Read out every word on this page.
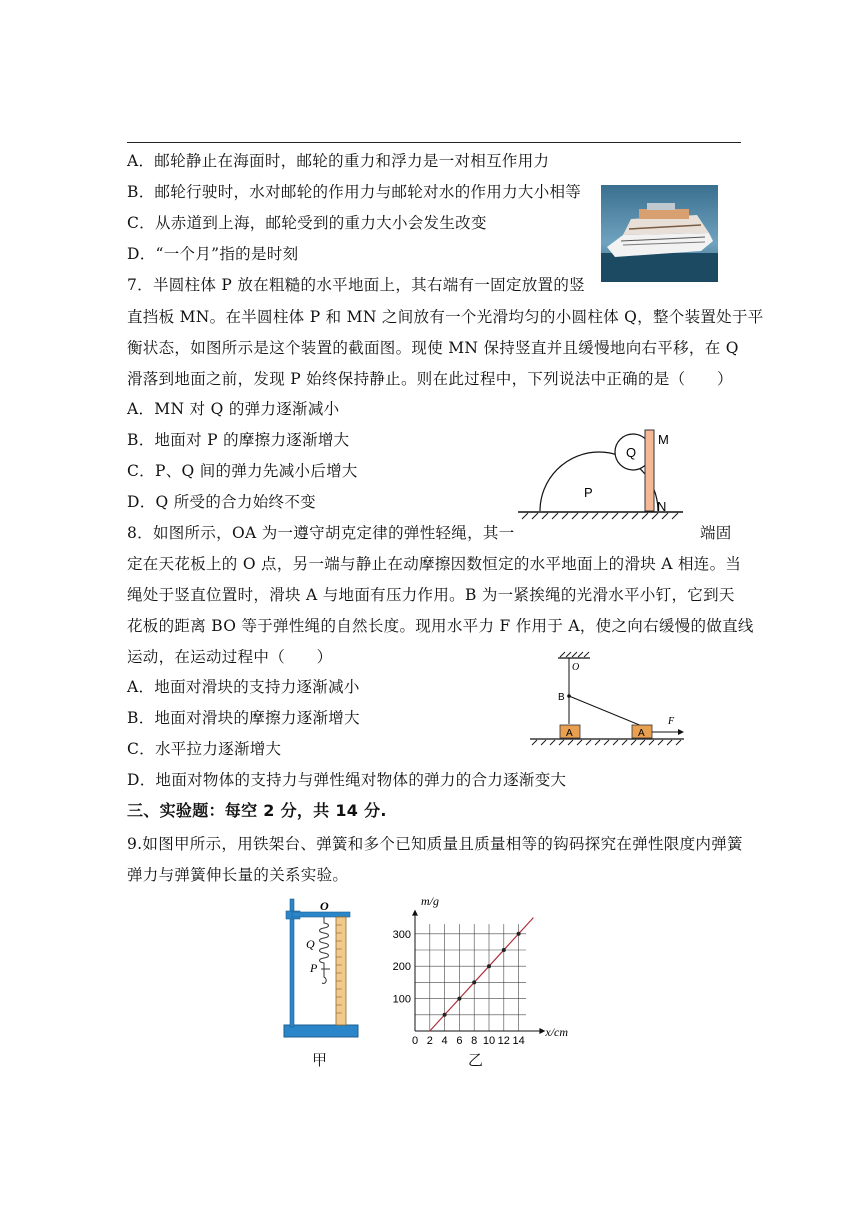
A．邮轮静止在海面时，邮轮的重力和浮力是一对相互作用力
B．邮轮行驶时，水对邮轮的作用力与邮轮对水的作用力大小相等
C．从赤道到上海，邮轮受到的重力大小会发生改变
D．“一个月”指的是时刻
7．半圆柱体 P 放在粗糙的水平地面上，其右端有一固定放置的竖
直挡板 MN。在半圆柱体 P 和 MN 之间放有一个光滑均匀的小圆柱体 Q，整个装置处于平
衡状态，如图所示是这个装置的截面图。现使 MN 保持竖直并且缓慢地向右平移，在 Q
滑落到地面之前，发现 P 始终保持静止。则在此过程中，下列说法中正确的是（　　）
A．MN 对 Q 的弹力逐渐减小
B．地面对 P 的摩擦力逐渐增大
C．P、Q 间的弹力先减小后增大
D．Q 所受的合力始终不变
P
Q
M
N
8．如图所示，OA 为一遵守胡克定律的弹性轻绳，其一	端固
定在天花板上的 O 点，另一端与静止在动摩擦因数恒定的水平地面上的滑块 A 相连。当
绳处于竖直位置时，滑块 A 与地面有压力作用。B 为一紧挨绳的光滑水平小钉，它到天
花板的距离 BO 等于弹性绳的自然长度。现用水平力 F 作用于 A，使之向右缓慢的做直线
运动，在运动过程中（　　）
A．地面对滑块的支持力逐渐减小
B．地面对滑块的摩擦力逐渐增大
C．水平拉力逐渐增大
D．地面对物体的支持力与弹性绳对物体的弹力的合力逐渐变大
O
B
A	A
F
三、实验题：每空 2 分，共 14 分.
9.如图甲所示，用铁架台、弹簧和多个已知质量且质量相等的钩码探究在弹性限度内弹簧
弹力与弹簧伸长量的关系实验。
O
Q
P
甲
0 2 4 6 8 10 12 14
100
200
300
x/cm
m/g
乙
